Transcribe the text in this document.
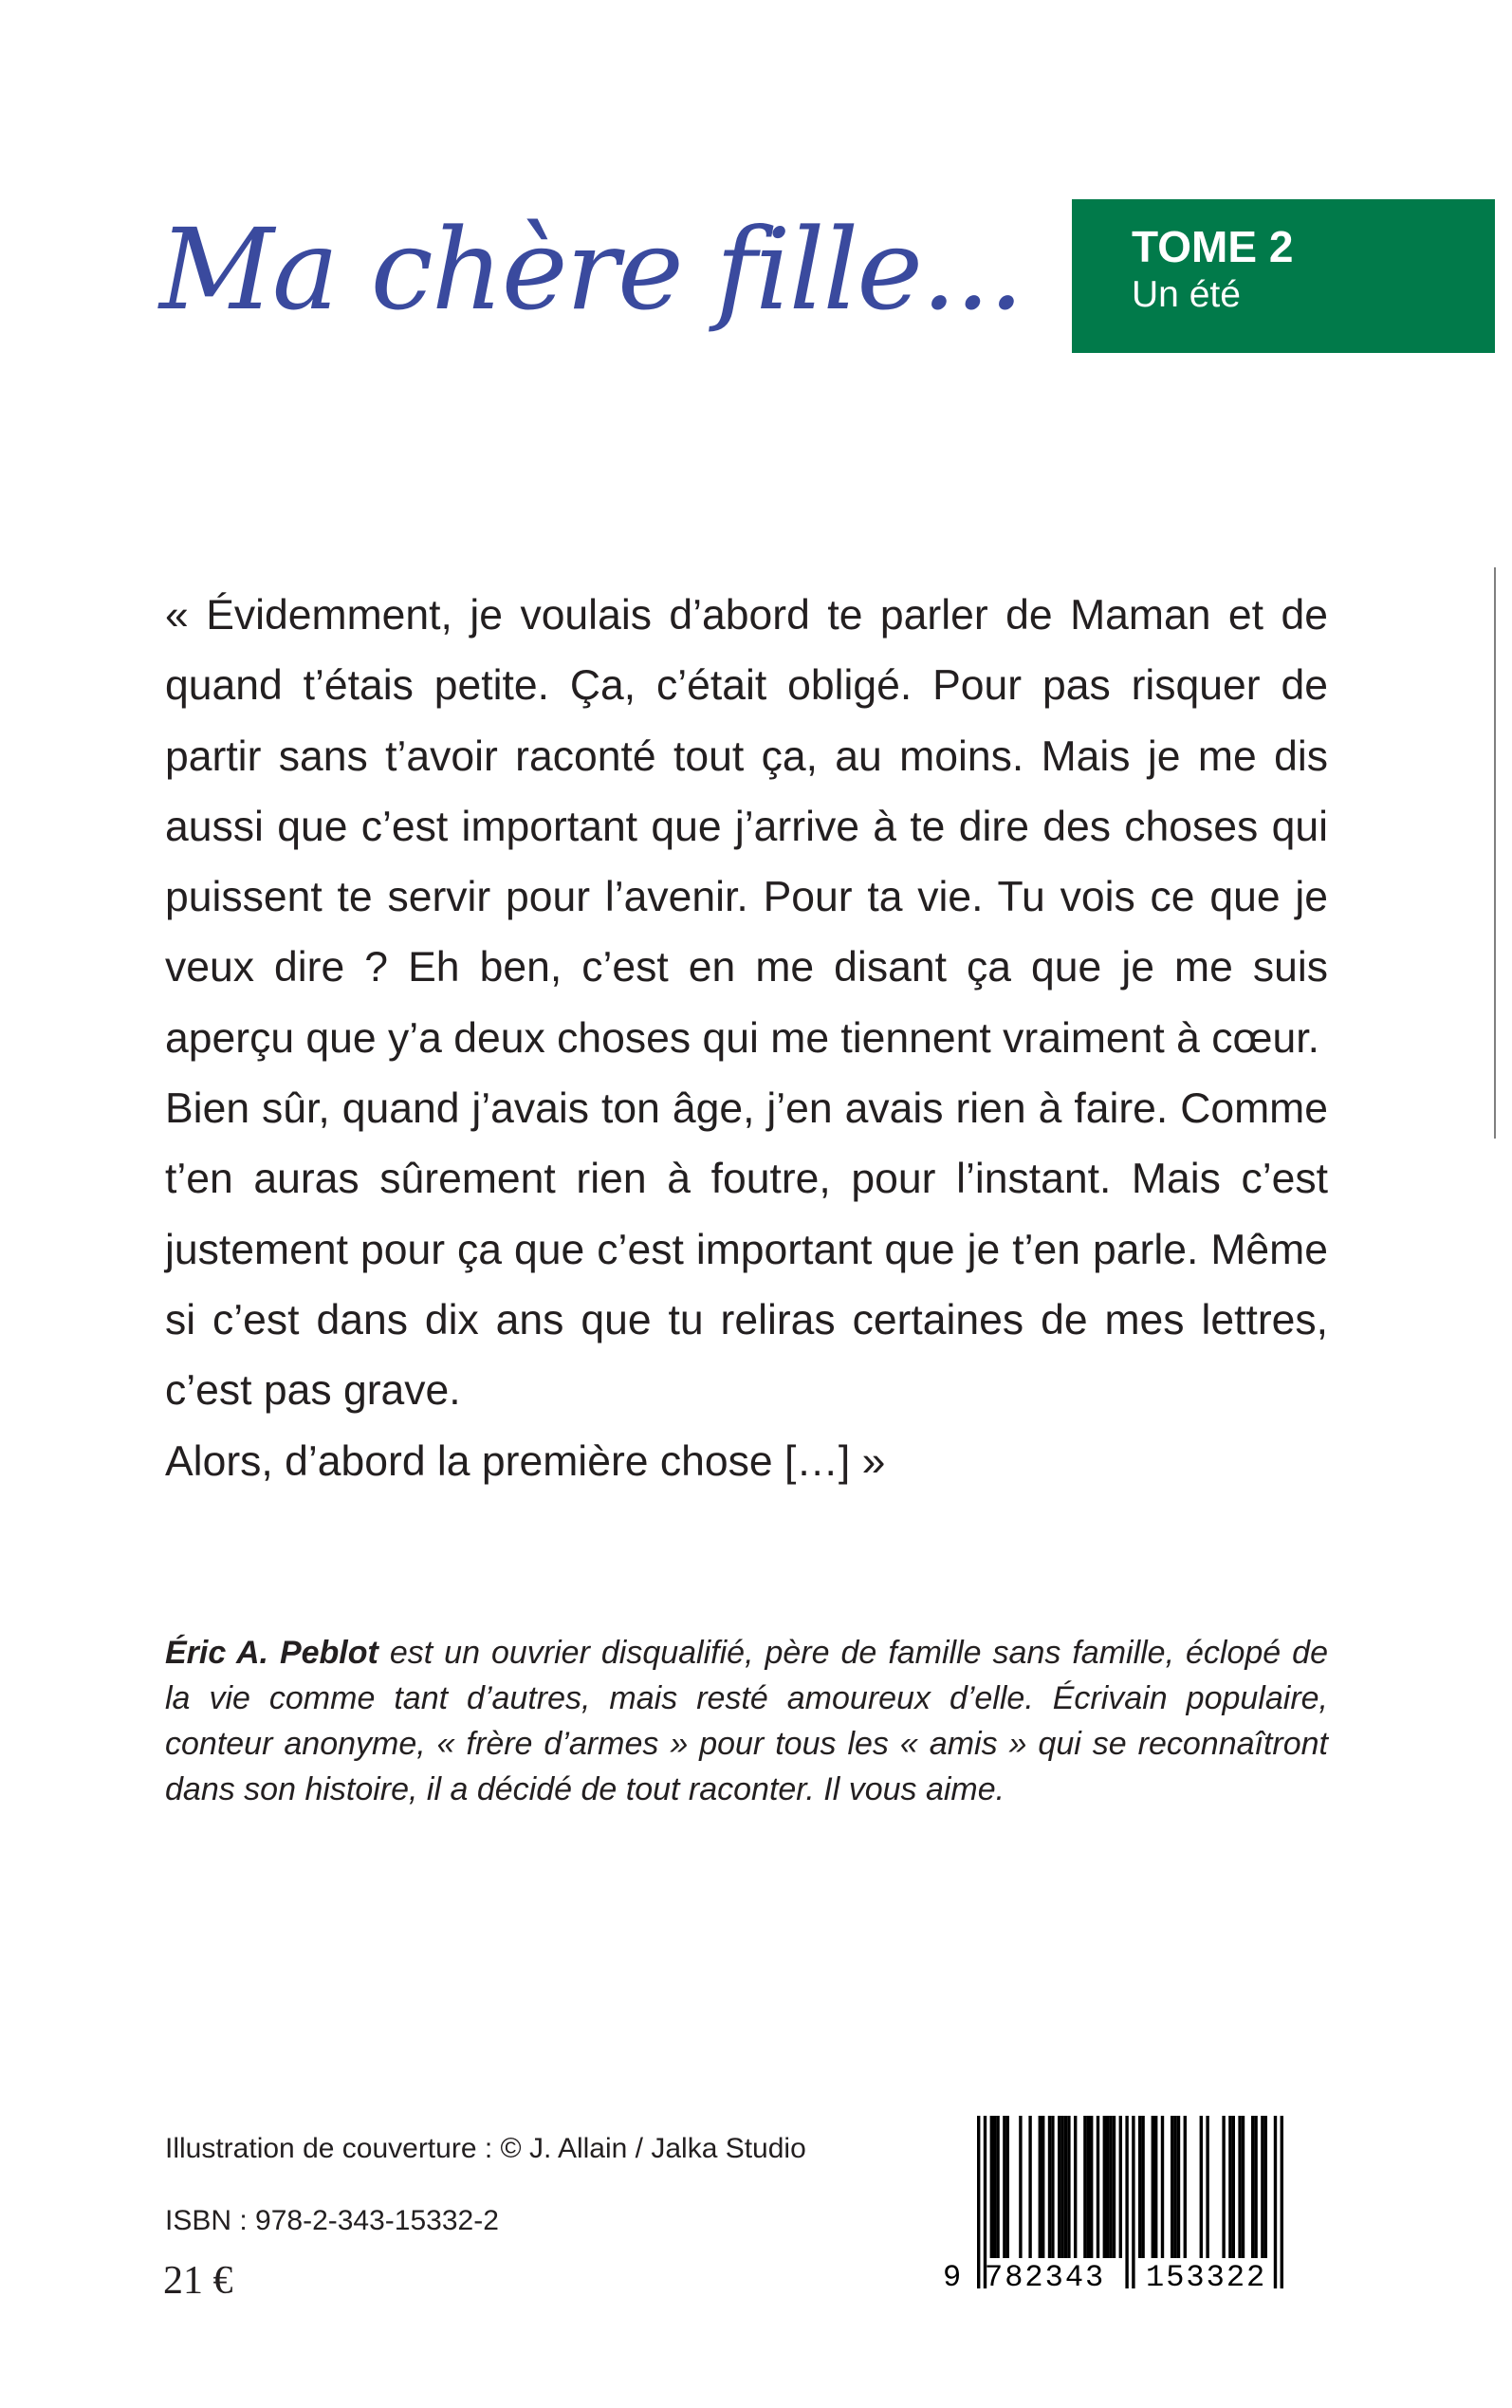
Ma chère fille...	TOME 2
Un été

« Évidemment, je voulais d’abord te parler de Maman et de quand t’étais petite. Ça, c’était obligé. Pour pas risquer de partir sans t’avoir raconté tout ça, au moins. Mais je me dis aussi que c’est important que j’arrive à te dire des choses qui puissent te servir pour l’avenir. Pour ta vie. Tu vois ce que je veux dire ? Eh ben, c’est en me disant ça que je me suis aperçu que y’a deux choses qui me tiennent vraiment à cœur.

Bien sûr, quand j’avais ton âge, j’en avais rien à faire. Comme t’en auras sûrement rien à foutre, pour l’instant. Mais c’est justement pour ça que c’est important que je t’en parle. Même si c’est dans dix ans que tu reliras certaines de mes lettres, c’est pas grave.

Alors, d’abord la première chose […] »

Éric A. Peblot est un ouvrier disqualifié, père de famille sans famille, éclopé de la vie comme tant d’autres, mais resté amoureux d’elle. Écrivain populaire, conteur anonyme, « frère d’armes » pour tous les « amis » qui se reconnaîtront dans son histoire, il a décidé de tout raconter. Il vous aime.
Illustration de couverture : © J. Allain / Jalka Studio
ISBN : 978-2-343-15332-2
21 €	9 782343 153322
